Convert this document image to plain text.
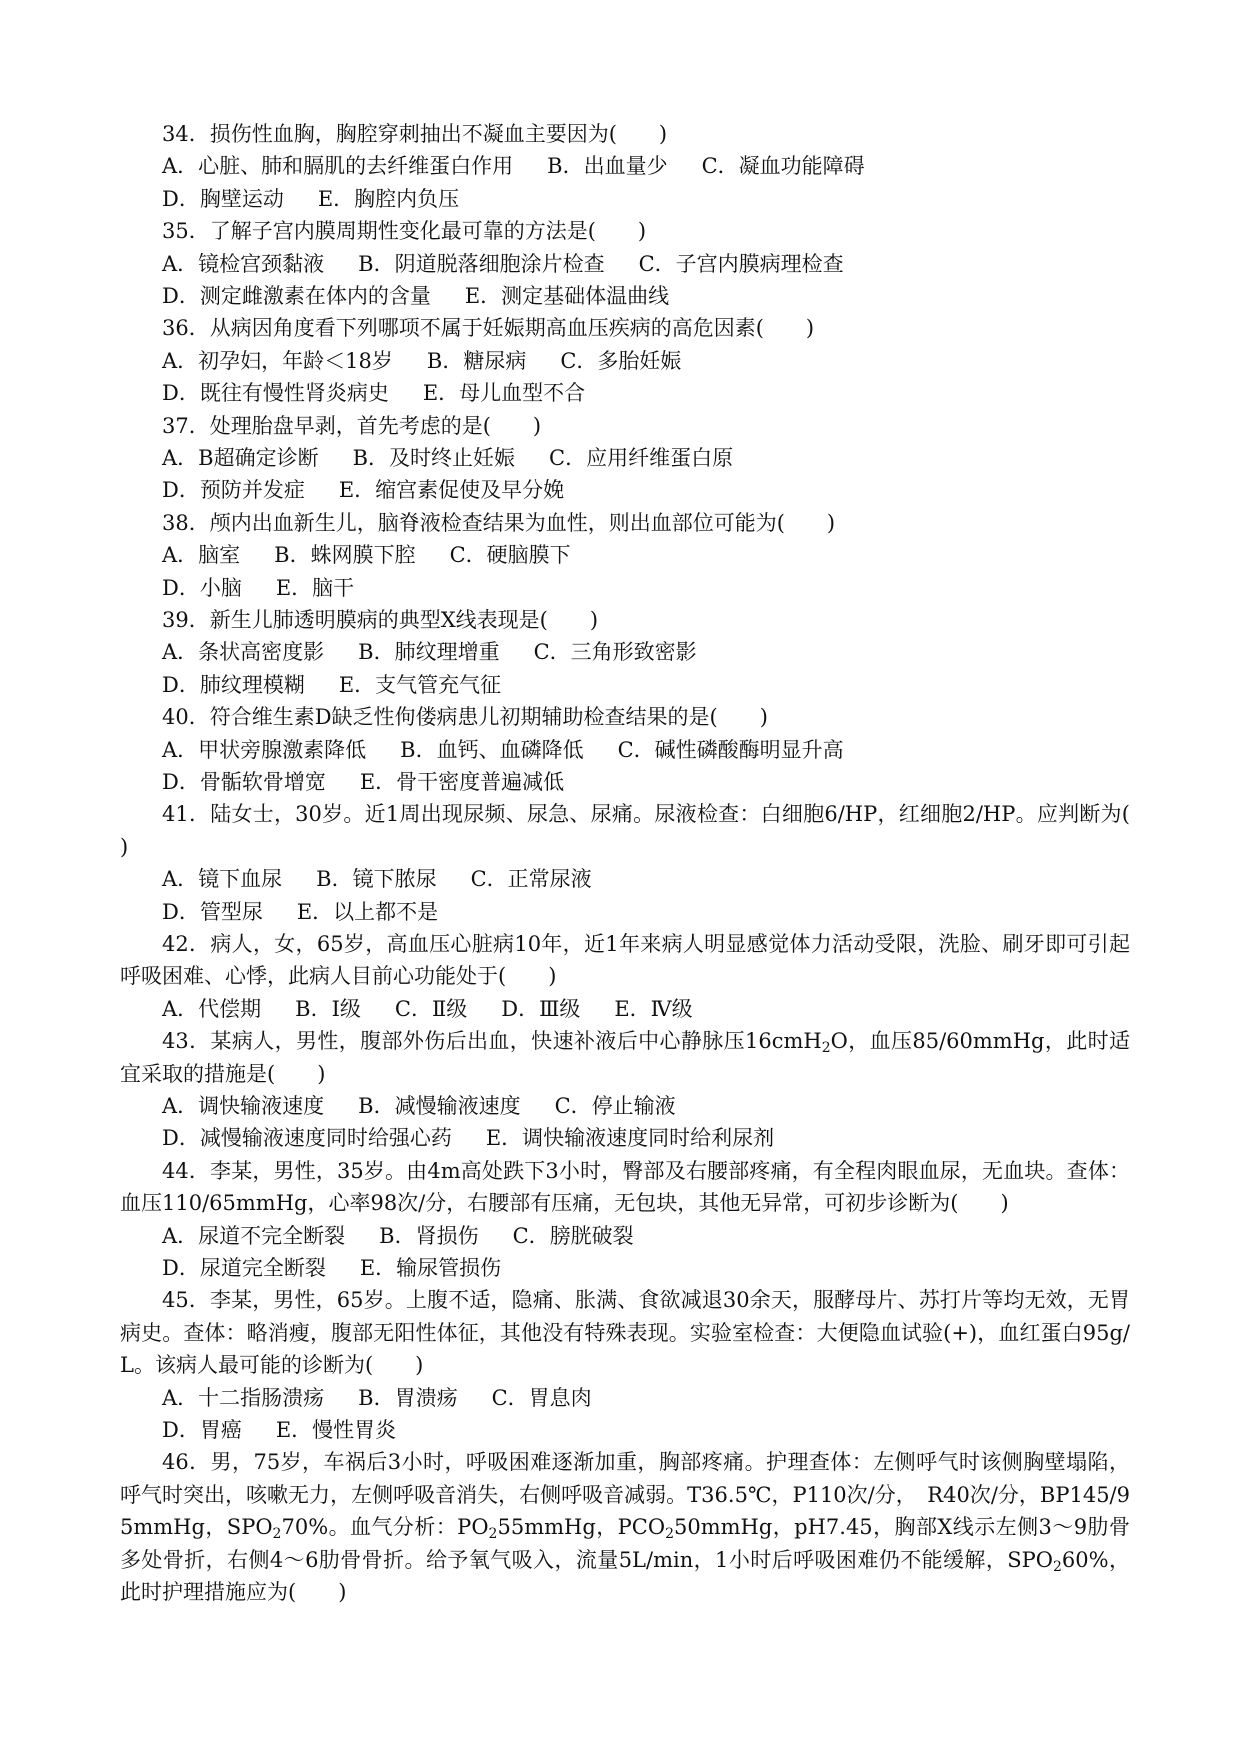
34．损伤性血胸，胸腔穿刺抽出不凝血主要因为(　　)
A．心脏、肺和膈肌的去纤维蛋白作用 B．出血量少 C．凝血功能障碍
D．胸壁运动 E．胸腔内负压
35．了解子宫内膜周期性变化最可靠的方法是(　　)
A．镜检宫颈黏液 B．阴道脱落细胞涂片检查 C．子宫内膜病理检查
D．测定雌激素在体内的含量 E．测定基础体温曲线
36．从病因角度看下列哪项不属于妊娠期高血压疾病的高危因素(　　)
A．初孕妇，年龄＜18岁 B．糖尿病 C．多胎妊娠
D．既往有慢性肾炎病史 E．母儿血型不合
37．处理胎盘早剥，首先考虑的是(　　)
A．B超确定诊断 B．及时终止妊娠 C．应用纤维蛋白原
D．预防并发症 E．缩宫素促使及早分娩
38．颅内出血新生儿，脑脊液检查结果为血性，则出血部位可能为(　　)
A．脑室 B．蛛网膜下腔 C．硬脑膜下
D．小脑 E．脑干
39．新生儿肺透明膜病的典型X线表现是(　　)
A．条状高密度影 B．肺纹理增重 C．三角形致密影
D．肺纹理模糊 E．支气管充气征
40．符合维生素D缺乏性佝偻病患儿初期辅助检查结果的是(　　)
A．甲状旁腺激素降低 B．血钙、血磷降低 C．碱性磷酸酶明显升高
D．骨骺软骨增宽 E．骨干密度普遍减低
41．陆女士，30岁。近1周出现尿频、尿急、尿痛。尿液检查：白细胞6/HP，红细胞2/HP。应判断为(　　)
A．镜下血尿 B．镜下脓尿 C．正常尿液
D．管型尿 E．以上都不是
42．病人，女，65岁，高血压心脏病10年，近1年来病人明显感觉体力活动受限，洗脸、刷牙即可引起呼吸困难、心悸，此病人目前心功能处于(　　)
A．代偿期 B．Ⅰ级 C．Ⅱ级 D．Ⅲ级 E．Ⅳ级
43．某病人，男性，腹部外伤后出血，快速补液后中心静脉压16cmH$_2$O，血压85/60mmHg，此时适宜采取的措施是(　　)
A．调快输液速度 B．减慢输液速度 C．停止输液
D．减慢输液速度同时给强心药 E．调快输液速度同时给利尿剂
44．李某，男性，35岁。由4m高处跌下3小时，臀部及右腰部疼痛，有全程肉眼血尿，无血块。查体：血压110/65mmHg，心率98次/分，右腰部有压痛，无包块，其他无异常，可初步诊断为(　　)
A．尿道不完全断裂 B．肾损伤 C．膀胱破裂
D．尿道完全断裂 E．输尿管损伤
45．李某，男性，65岁。上腹不适，隐痛、胀满、食欲减退30余天，服酵母片、苏打片等均无效，无胃病史。查体：略消瘦，腹部无阳性体征，其他没有特殊表现。实验室检查：大便隐血试验(+)，血红蛋白95g/L。该病人最可能的诊断为(　　)
A．十二指肠溃疡 B．胃溃疡 C．胃息肉
D．胃癌 E．慢性胃炎
46．男，75岁，车祸后3小时，呼吸困难逐渐加重，胸部疼痛。护理查体：左侧呼气时该侧胸壁塌陷，呼气时突出，咳嗽无力，左侧呼吸音消失，右侧呼吸音减弱。T36.5℃，P110次/分，　R40次/分，BP145/95mmHg，$SPO_270\%$。血气分析：$PO_255mmHg$，$PCO_250mmHg$，pH7.45，胸部X线示左侧3～9肋骨多处骨折，右侧4～6肋骨骨折。给予氧气吸入，流量5L/min，1小时后呼吸困难仍不能缓解，$SPO_260\%$，此时护理措施应为(　　)
